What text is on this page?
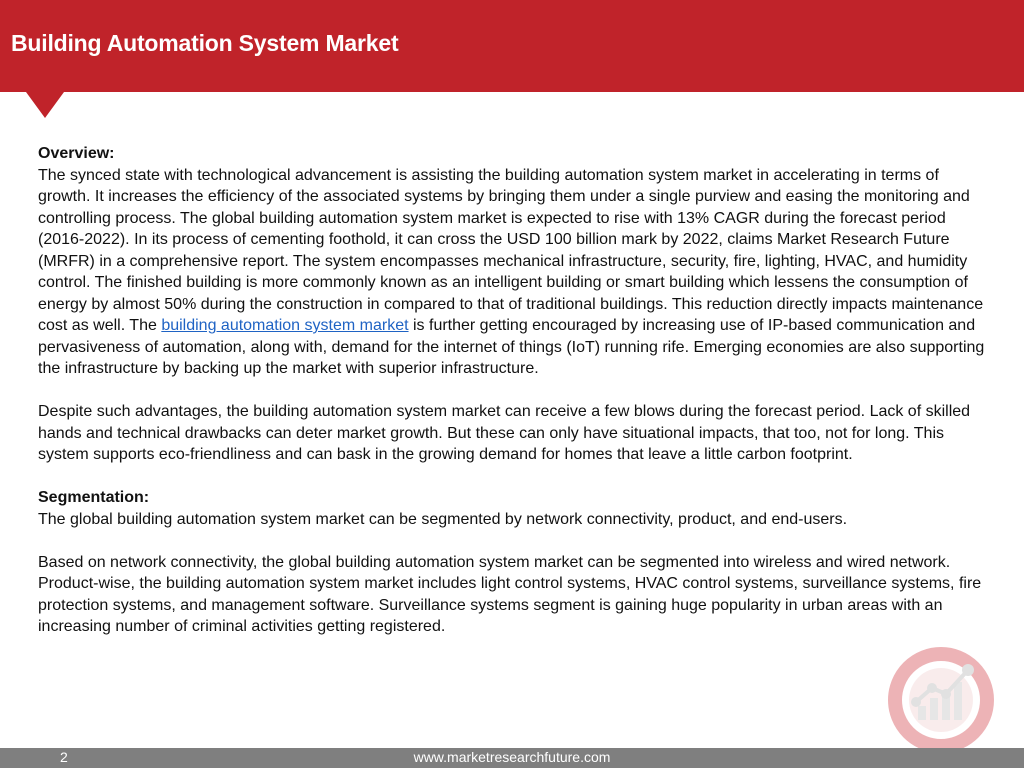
Building Automation System Market

Overview:

The synced state with technological advancement is assisting the building automation system market in accelerating in terms of growth. It increases the efficiency of the associated systems by bringing them under a single purview and easing the monitoring and controlling process. The global building automation system market is expected to rise with 13% CAGR during the forecast period (2016-2022). In its process of cementing foothold, it can cross the USD 100 billion mark by 2022, claims Market Research Future (MRFR) in a comprehensive report. The system encompasses mechanical infrastructure, security, fire, lighting, HVAC, and humidity control. The finished building is more commonly known as an intelligent building or smart building which lessens the consumption of energy by almost 50% during the construction in compared to that of traditional buildings. This reduction directly impacts maintenance cost as well. The building automation system market is further getting encouraged by increasing use of IP-based communication and pervasiveness of automation, along with, demand for the internet of things (IoT) running rife. Emerging economies are also supporting the infrastructure by backing up the market with superior infrastructure.

Despite such advantages, the building automation system market can receive a few blows during the forecast period. Lack of skilled hands and technical drawbacks can deter market growth. But these can only have situational impacts, that too, not for long. This system supports eco-friendliness and can bask in the growing demand for homes that leave a little carbon footprint.

Segmentation:

The global building automation system market can be segmented by network connectivity, product, and end-users.

Based on network connectivity, the global building automation system market can be segmented into wireless and wired network.

Product-wise, the building automation system market includes light control systems, HVAC control systems, surveillance systems, fire protection systems, and management software. Surveillance systems segment is gaining huge popularity in urban areas with an increasing number of criminal activities getting registered.

2	www.marketresearchfuture.com
